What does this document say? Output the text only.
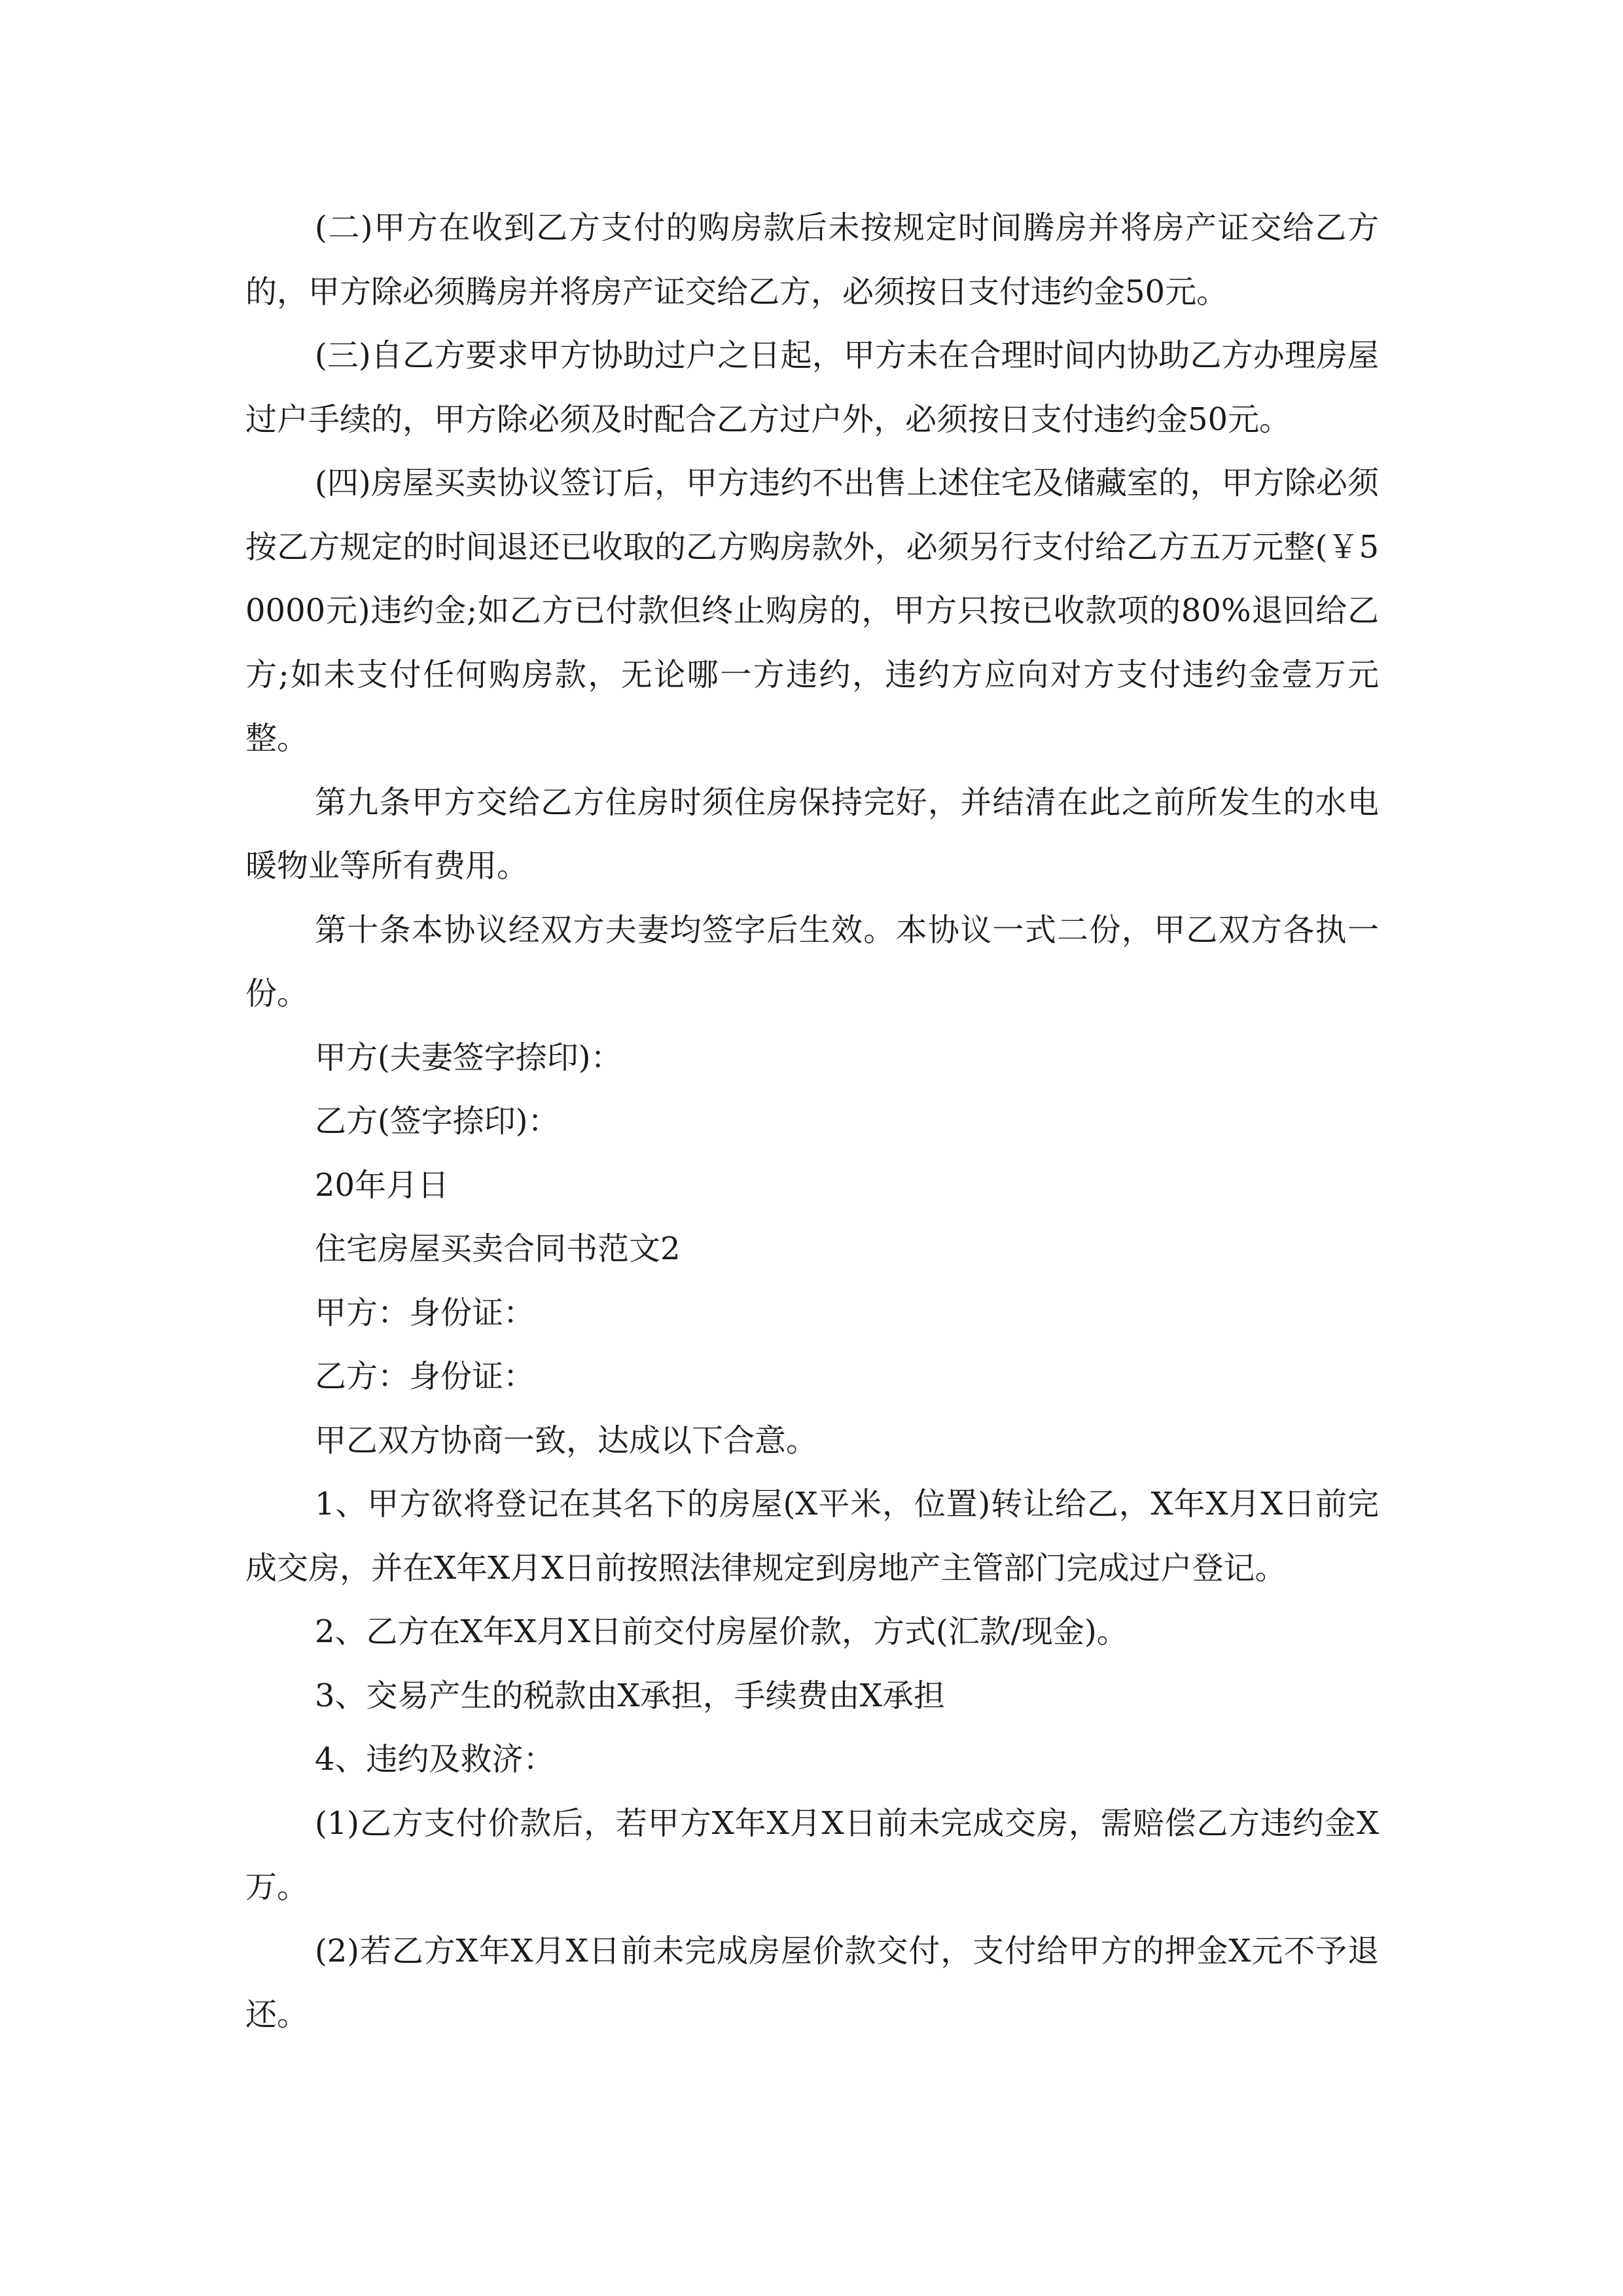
(二)甲方在收到乙方支付的购房款后未按规定时间腾房并将房产证交给乙方的，甲方除必须腾房并将房产证交给乙方，必须按日支付违约金50元。

(三)自乙方要求甲方协助过户之日起，甲方未在合理时间内协助乙方办理房屋过户手续的，甲方除必须及时配合乙方过户外，必须按日支付违约金50元。

(四)房屋买卖协议签订后，甲方违约不出售上述住宅及储藏室的，甲方除必须按乙方规定的时间退还已收取的乙方购房款外，必须另行支付给乙方五万元整(￥50000元)违约金;如乙方已付款但终止购房的，甲方只按已收款项的80%退回给乙方;如未支付任何购房款，无论哪一方违约，违约方应向对方支付违约金壹万元整。

第九条甲方交给乙方住房时须住房保持完好，并结清在此之前所发生的水电暖物业等所有费用。

第十条本协议经双方夫妻均签字后生效。本协议一式二份，甲乙双方各执一份。

甲方(夫妻签字捺印)：

乙方(签字捺印)：

20年月日

住宅房屋买卖合同书范文2

甲方：身份证：

乙方：身份证：

甲乙双方协商一致，达成以下合意。

1、甲方欲将登记在其名下的房屋(X平米，位置)转让给乙，X年X月X日前完成交房，并在X年X月X日前按照法律规定到房地产主管部门完成过户登记。

2、乙方在X年X月X日前交付房屋价款，方式(汇款/现金)。

3、交易产生的税款由X承担，手续费由X承担

4、违约及救济：

(1)乙方支付价款后，若甲方X年X月X日前未完成交房，需赔偿乙方违约金X万。

(2)若乙方X年X月X日前未完成房屋价款交付，支付给甲方的押金X元不予退还。
